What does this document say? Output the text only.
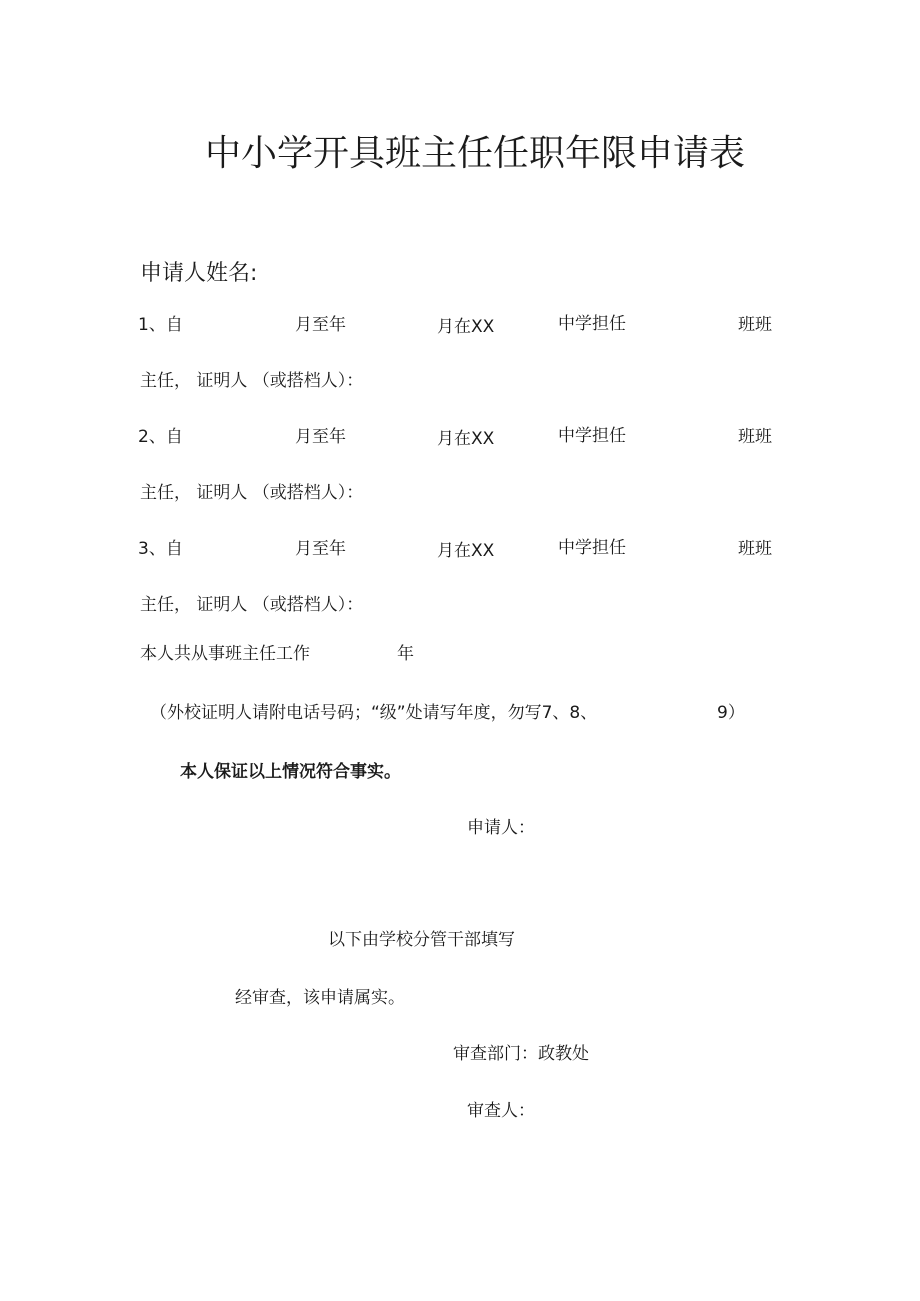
中小学开具班主任任职年限申请表
申请人姓名:
1、自	月至年	月在XX	中学担任	班班
主任， 证明人 （或搭档人）：
2、自	月至年	月在XX	中学担任	班班
主任， 证明人 （或搭档人）：
3、自	月至年	月在XX	中学担任	班班
主任， 证明人 （或搭档人）：
本人共从事班主任工作	年
（外校证明人请附电话号码；“级”处请写年度，勿写7、8、	9）
本人保证以上情况符合事实。
申请人：
以下由学校分管干部填写
经审查，该申请属实。
审查部门：政教处
审查人：
